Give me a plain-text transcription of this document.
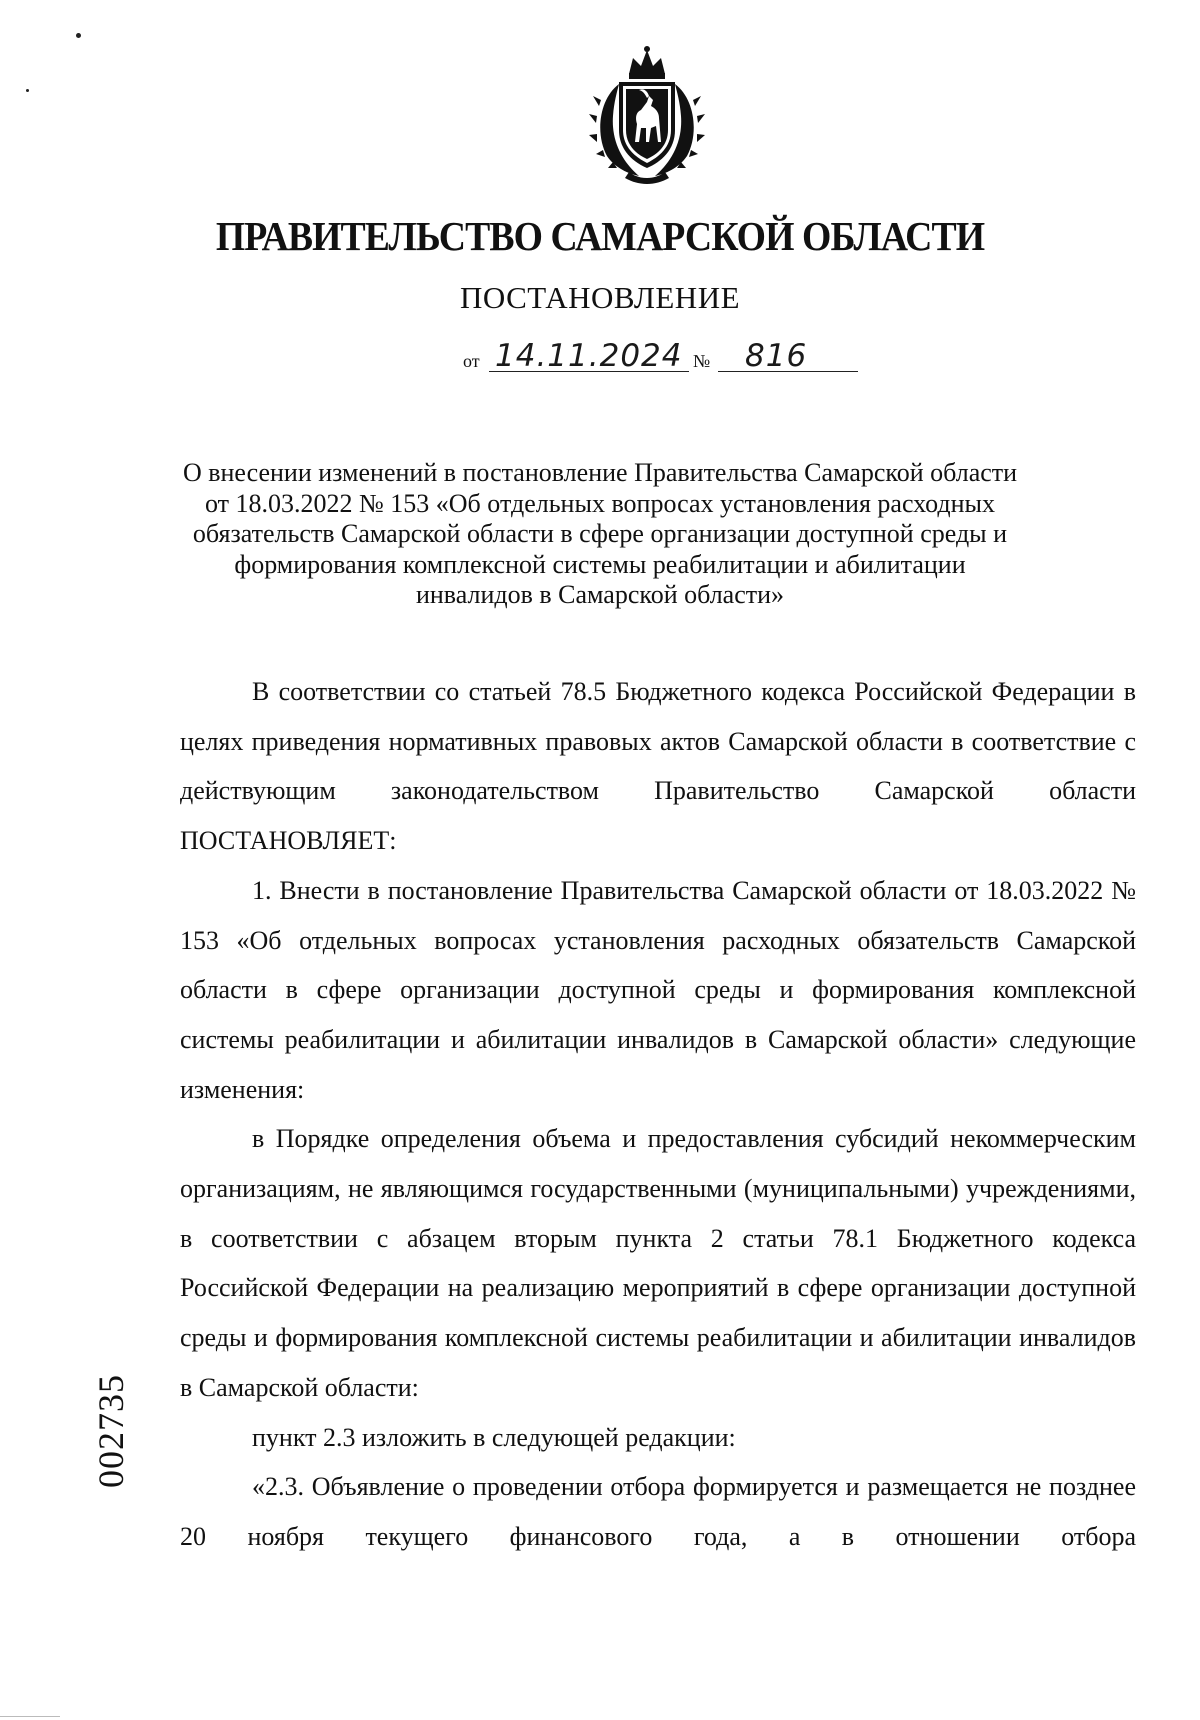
ПРАВИТЕЛЬСТВО САМАРСКОЙ ОБЛАСТИ
ПОСТАНОВЛЕНИЕ
от 14.11.2024 № 816
О внесении изменений в постановление Правительства Самарской области от 18.03.2022 № 153 «Об отдельных вопросах установления расходных обязательств Самарской области в сфере организации доступной среды и формирования комплексной системы реабилитации и абилитации инвалидов в Самарской области»

В соответствии со статьей 78.5 Бюджетного кодекса Российской Федерации в целях приведения нормативных правовых актов Самарской области в соответствие с действующим законодательством Правительство Самарской области ПОСТАНОВЛЯЕТ:

1. Внести в постановление Правительства Самарской области от 18.03.2022 № 153 «Об отдельных вопросах установления расходных обязательств Самарской области в сфере организации доступной среды и формирования комплексной системы реабилитации и абилитации инвалидов в Самарской области» следующие изменения:

в Порядке определения объема и предоставления субсидий некоммерческим организациям, не являющимся государственными (муниципальными) учреждениями, в соответствии с абзацем вторым пункта 2 статьи 78.1 Бюджетного кодекса Российской Федерации на реализацию мероприятий в сфере организации доступной среды и формирования комплексной системы реабилитации и абилитации инвалидов в Самарской области:

пункт 2.3 изложить в следующей редакции:

«2.3. Объявление о проведении отбора формируется и размещается не позднее 20 ноября текущего финансового года, а в отношении отбора

002735
